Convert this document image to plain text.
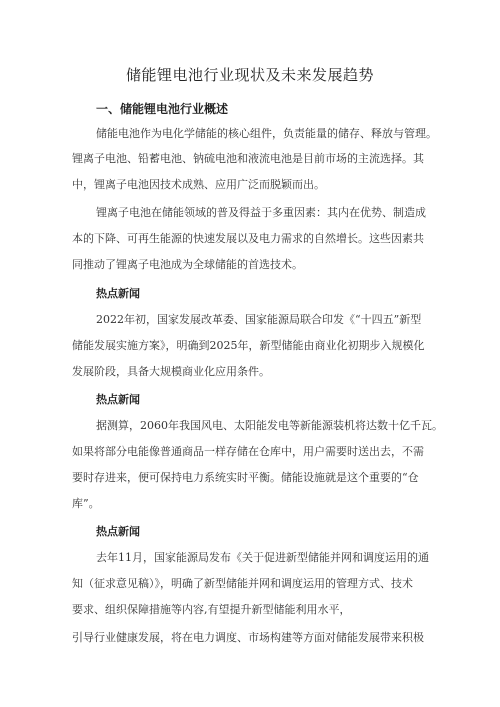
储能锂电池行业现状及未来发展趋势
一、储能锂电池行业概述
储能电池作为电化学储能的核心组件，负责能量的储存、释放与管理。
锂离子电池、铅蓄电池、钠硫电池和液流电池是目前市场的主流选择。其
中，锂离子电池因技术成熟、应用广泛而脱颖而出。
锂离子电池在储能领域的普及得益于多重因素：其内在优势、制造成
本的下降、可再生能源的快速发展以及电力需求的自然增长。这些因素共
同推动了锂离子电池成为全球储能的首选技术。
热点新闻
2022年初，国家发展改革委、国家能源局联合印发《“十四五”新型
储能发展实施方案》，明确到2025年，新型储能由商业化初期步入规模化
发展阶段，具备大规模商业化应用条件。
热点新闻
据测算，2060年我国风电、太阳能发电等新能源装机将达数十亿千瓦。
如果将部分电能像普通商品一样存储在仓库中，用户需要时送出去，不需
要时存进来，便可保持电力系统实时平衡。储能设施就是这个重要的“仓
库”。
热点新闻
去年11月，国家能源局发布《关于促进新型储能并网和调度运用的通
知（征求意见稿）》，明确了新型储能并网和调度运用的管理方式、技术
要求、组织保障措施等内容,有望提升新型储能利用水平，
引导行业健康发展，将在电力调度、市场构建等方面对储能发展带来积极
